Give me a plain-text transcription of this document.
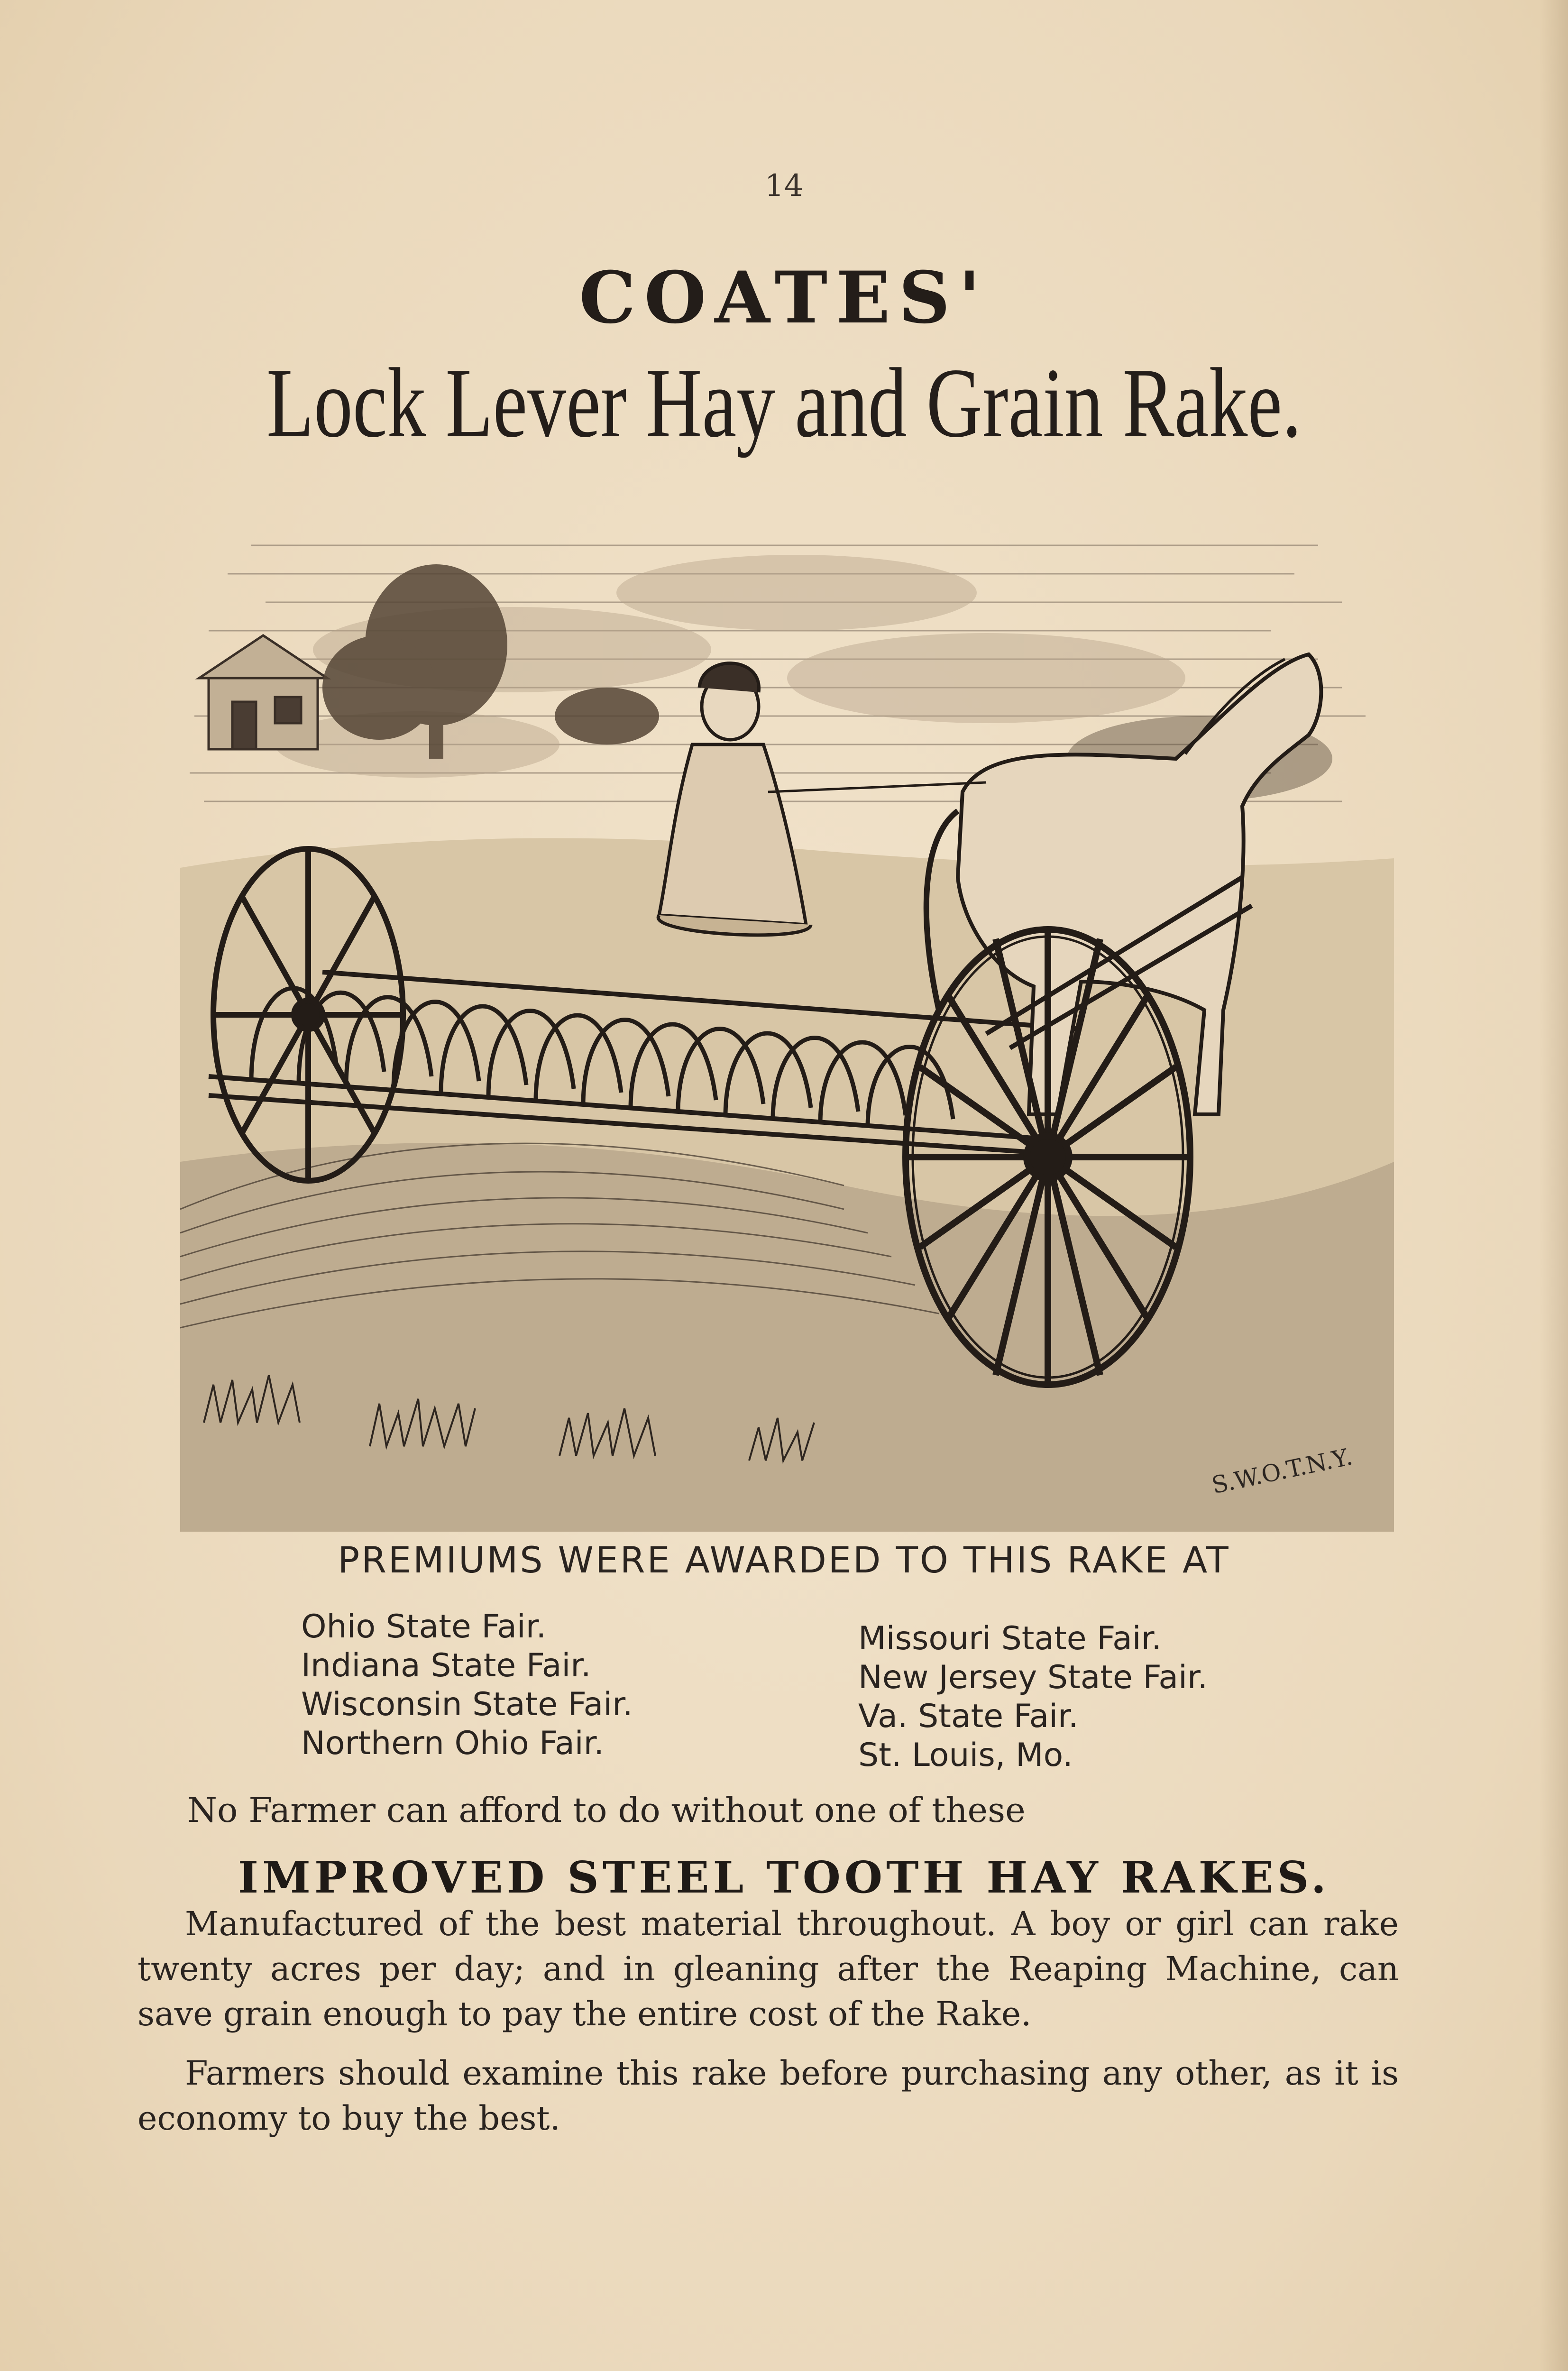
14
COATES'
Lock Lever Hay and Grain Rake.
S.W.O.T.N.Y.
PREMIUMS WERE AWARDED TO THIS RAKE AT
Ohio State Fair.
Indiana State Fair.
Wisconsin State Fair.
Northern Ohio Fair.
Missouri State Fair.
New Jersey State Fair.
Va. State Fair.
St. Louis, Mo.
No Farmer can afford to do without one of these
IMPROVED STEEL TOOTH HAY RAKES.
Manufactured of the best material throughout. A boy or girl can rake twenty acres per day; and in gleaning after the Reaping Machine, can save grain enough to pay the entire cost of the Rake.
Farmers should examine this rake before purchasing any other, as it is economy to buy the best.
